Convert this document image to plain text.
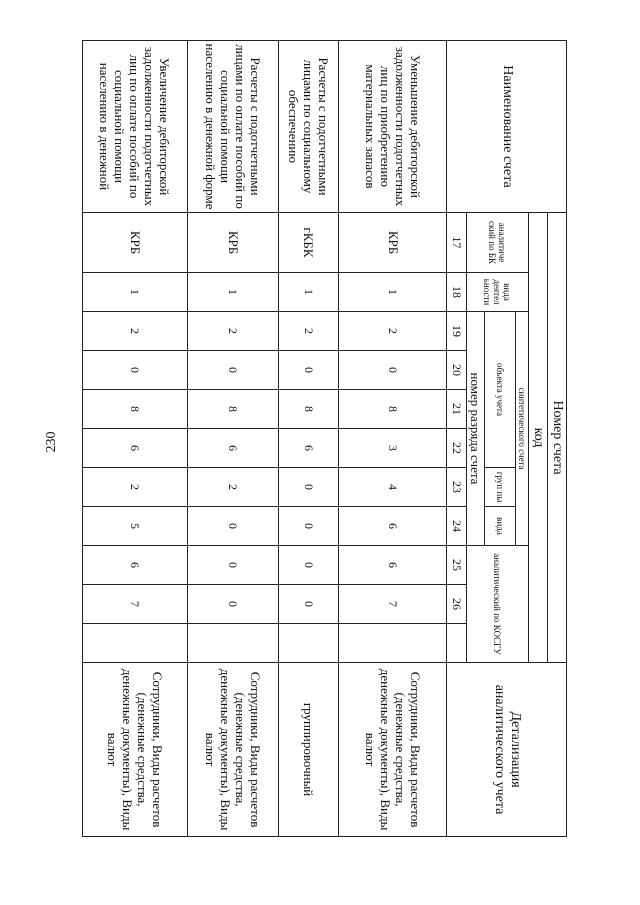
230
Наименование счета	Номер счета											Детализация аналитического учета
	код											
	аналитиче ский по БК	вида деятел ьности	синтетического счета						аналитический по КОСГУ			
			объекта учета				груп пы	вида				
			номер разряда счета									
	17	18	19	20	21	22	23	24	25	26		
Уменьшение дебиторской задолженности подотчетных лиц по приобретению материальных запасов	КРБ	1	2	0	8	3	4	6	6	7		Сотрудники, Виды расчетов (денежные средства, денежные документы), Виды валют
Расчеты с подотчетными лицами по социальному обеспечению	гКБК	1	2	0	8	6	0	0	0	0		группировочный
Расчеты с подотчетными лицами по оплате пособий по социальной помощи населению в денежной форме	КРБ	1	2	0	8	6	2	0	0	0		Сотрудники, Виды расчетов (денежные средства, денежные документы), Виды валют
Увеличение дебиторской задолженности подотчетных лиц по оплате пособий по социальной помощи населению в денежной	КРБ	1	2	0	8	6	2	5	6	7		Сотрудники, Виды расчетов (денежные средства, денежные документы), Виды валют
